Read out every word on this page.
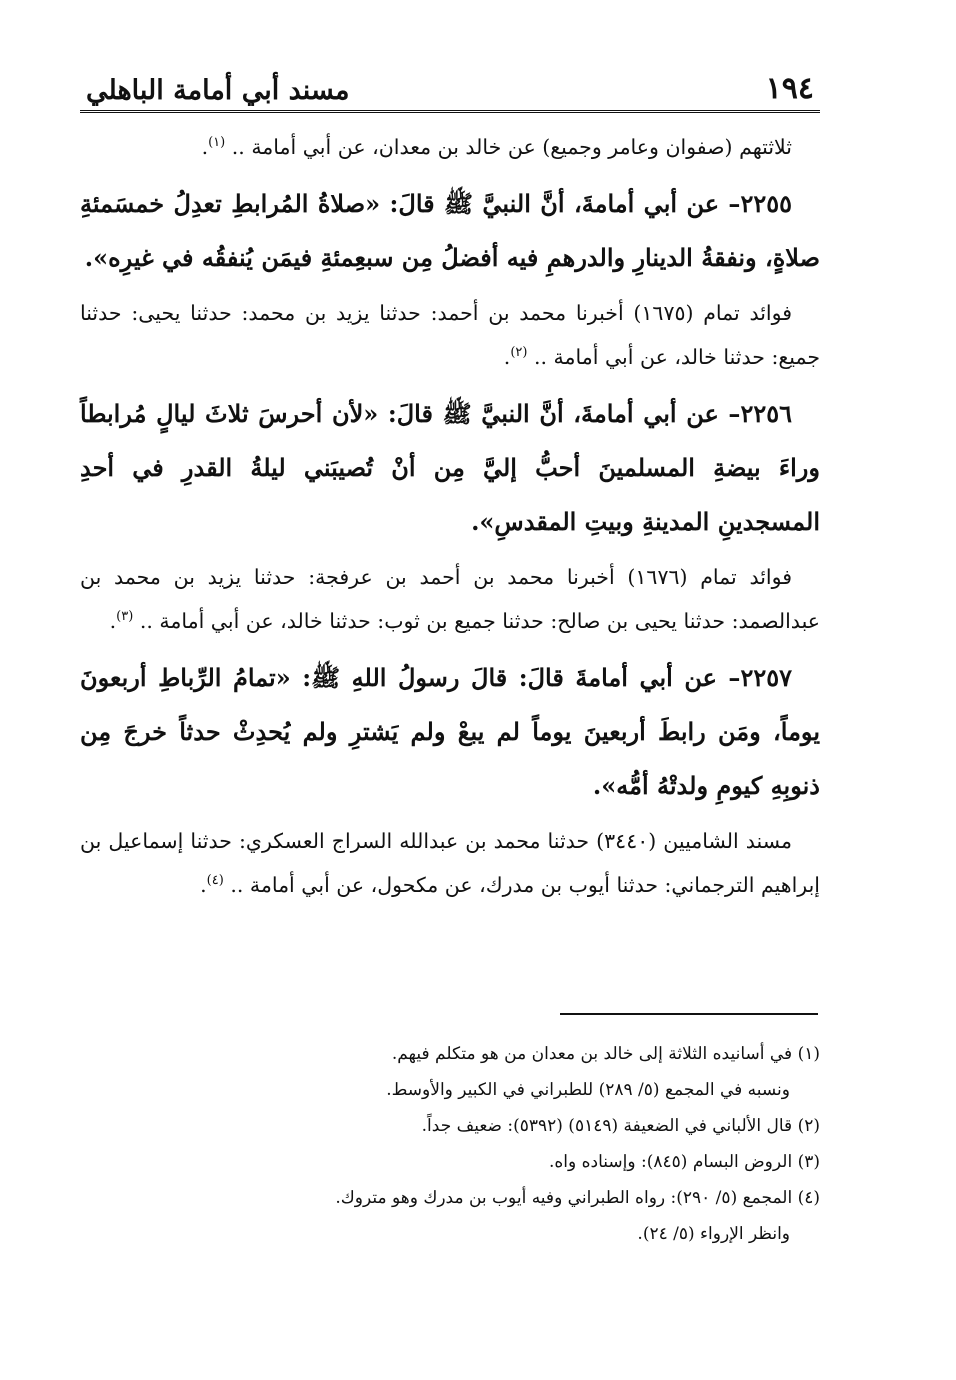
١٩٤
مسند أبي أمامة الباهلي

ثلاثتهم (صفوان وعامر وجميع) عن خالد بن معدان، عن أبي أمامة .. $^{(١)}$.

٢٢٥٥– عن أبي أمامةَ، أنَّ النبيَّ ﷺ قالَ: «صلاةُ المُرابطِ تعدِلُ خمسَمئةِ صلاةٍ، ونفقةُ الدينارِ والدرهمِ فيه أفضلُ مِن سبعِمئةِ فيمَن يُنفقُه في غيرِه».

فوائد تمام (١٦٧٥) أخبرنا محمد بن أحمد: حدثنا يزيد بن محمد: حدثنا يحيى: حدثنا جميع: حدثنا خالد، عن أبي أمامة .. $^{(٢)}$.

٢٢٥٦– عن أبي أمامةَ، أنَّ النبيَّ ﷺ قالَ: «لأن أحرسَ ثلاثَ ليالٍ مُرابطاً وراءَ بيضةِ المسلمينَ أحبُّ إليَّ مِن أنْ تُصيبَني ليلةُ القدرِ في أحدِ المسجدينِ المدينةِ وبيتِ المقدسِ».

فوائد تمام (١٦٧٦) أخبرنا محمد بن أحمد بن عرفجة: حدثنا يزيد بن محمد بن عبدالصمد: حدثنا يحيى بن صالح: حدثنا جميع بن ثوب: حدثنا خالد، عن أبي أمامة .. $^{(٣)}$.

٢٢٥٧– عن أبي أمامةَ قالَ: قالَ رسولُ اللهِ ﷺ: «تمامُ الرِّباطِ أربعونَ يوماً، ومَن رابطَ أربعينَ يوماً لم يبعْ ولم يَشترِ ولم يُحدِثْ حدثاً خرجَ مِن ذنوبِهِ كيومِ ولدتْهُ أمُّه».

مسند الشاميين (٣٤٤٠) حدثنا محمد بن عبدالله السراج العسكري: حدثنا إسماعيل بن إبراهيم الترجماني: حدثنا أيوب بن مدرك، عن مكحول، عن أبي أمامة .. $^{(٤)}$.

(١) في أسانيده الثلاثة إلى خالد بن معدان من هو متكلم فيهم.

ونسبه في المجمع (٥/ ٢٨٩) للطبراني في الكبير والأوسط.

(٢) قال الألباني في الضعيفة (٥١٤٩) (٥٣٩٢): ضعيف جداً.

(٣) الروض البسام (٨٤٥): وإسناده واه.

(٤) المجمع (٥/ ٢٩٠): رواه الطبراني وفيه أيوب بن مدرك وهو متروك.

وانظر الإرواء (٥/ ٢٤).
